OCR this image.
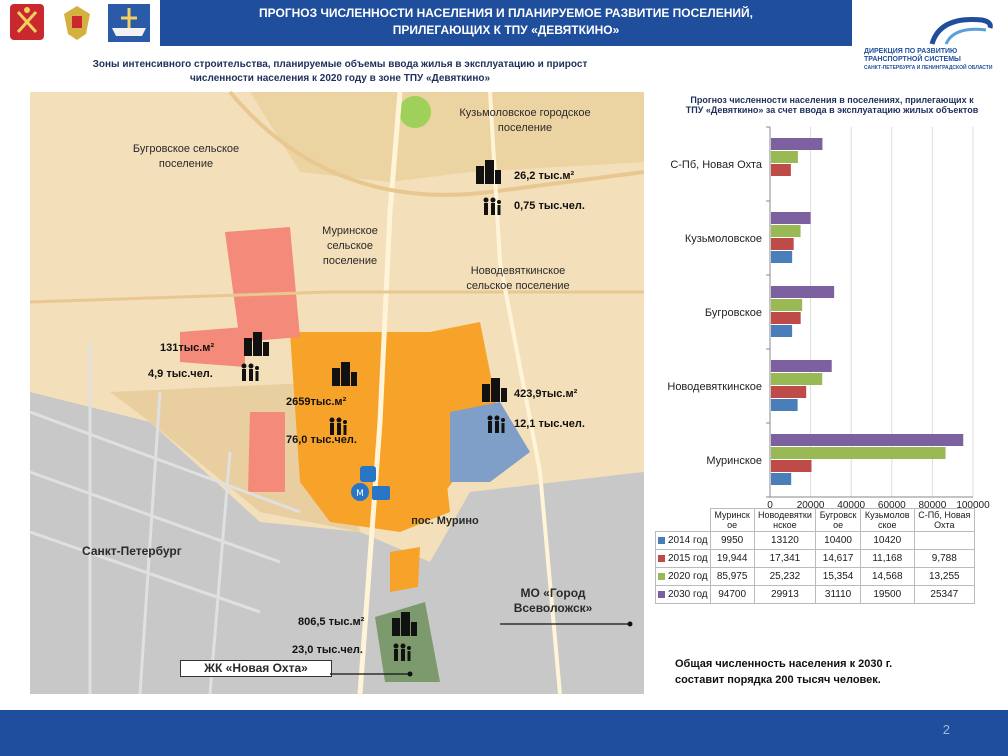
ПРОГНОЗ ЧИСЛЕННОСТИ НАСЕЛЕНИЯ И ПЛАНИРУЕМОЕ РАЗВИТИЕ ПОСЕЛЕНИЙ,
ПРИЛЕГАЮЩИХ К ТПУ «ДЕВЯТКИНО»
ДИРЕКЦИЯ ПО РАЗВИТИЮ
ТРАНСПОРТНОЙ СИСТЕМЫ
САНКТ-ПЕТЕРБУРГА И ЛЕНИНГРАДСКОЙ ОБЛАСТИ
Зоны интенсивного строительства, планируемые объемы ввода жилья в эксплуатацию и прирост
численности населения к 2020 году в зоне ТПУ «Девяткино»
Кузьмоловское городское поселение
Бугровское сельское поселение
Муринское сельское поселение
Новодевяткинское сельское поселение
пос. Мурино
Санкт-Петербург
МО «Город Всеволожск»
ЖК «Новая Охта»
26,2 тыс.м²
0,75 тыс.чел.
131тыс.м²
4,9 тыс.чел.
2659тыс.м²
76,0 тыс.чел.
423,9тыс.м²
12,1 тыс.чел.
806,5 тыс.м²
23,0 тыс.чел.
M
Прогноз численности населения в поселениях, прилегающих к ТПУ «Девяткино» за счет ввода в эксплуатацию жилых объектов
0 20000 40000 60000 80000 100000
Муринское
Новодевяткинское
Бугровское
Кузьмоловское
С-Пб, Новая Охта
	Муринское	Новодевяткинское	Бугровское	Кузьмоловское	С-Пб, Новая Охта
2014 год	9950	13120	10400	10420	
2015 год	19,944	17,341	14,617	11,168	9,788
2020 год	85,975	25,232	15,354	14,568	13,255
2030 год	94700	29913	31110	19500	25347
Общая численность населения к 2030 г.
составит порядка 200 тысяч человек.
2
